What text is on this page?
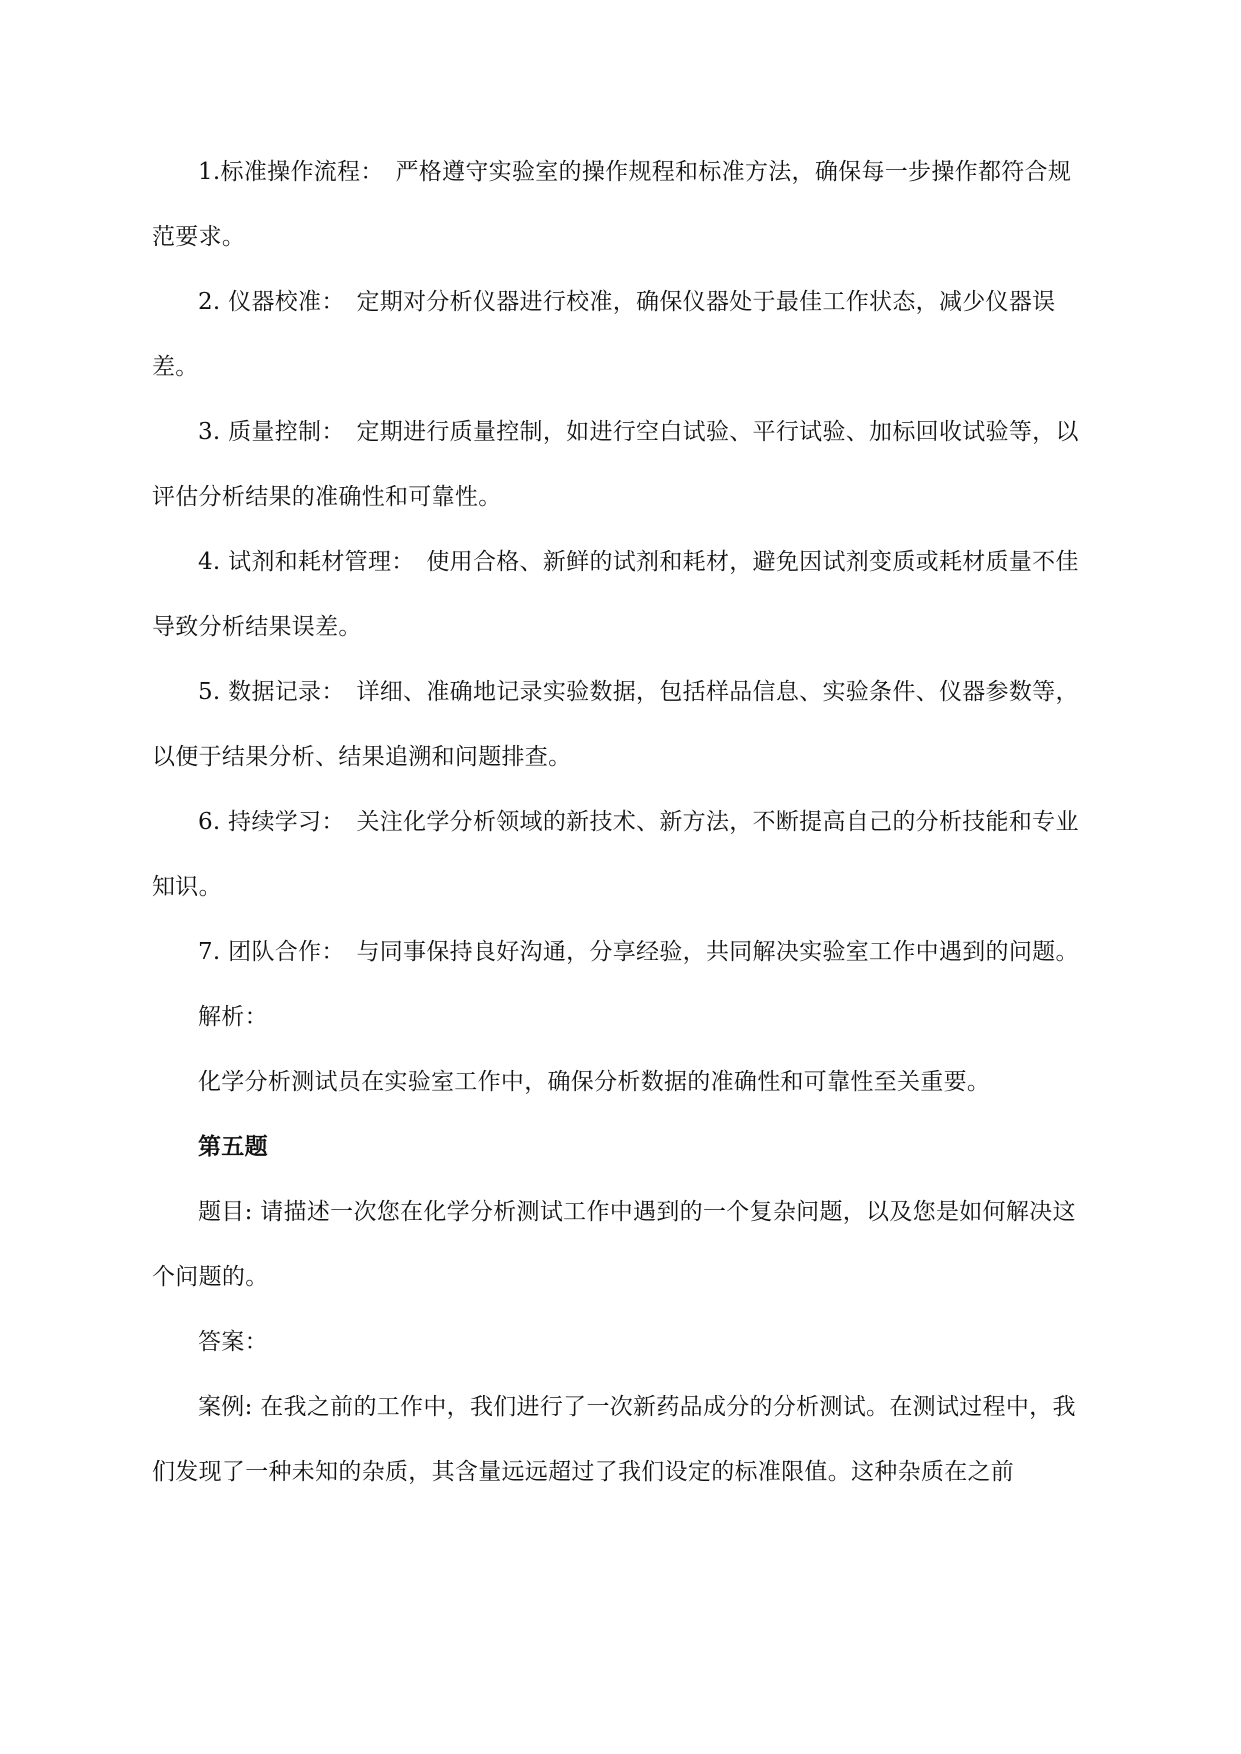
1.标准操作流程：　严格遵守实验室的操作规程和标准方法，确保每一步操作都符合规范要求。

2. 仪器校准：　定期对分析仪器进行校准，确保仪器处于最佳工作状态，减少仪器误差。

3. 质量控制：　定期进行质量控制，如进行空白试验、平行试验、加标回收试验等，以评估分析结果的准确性和可靠性。

4. 试剂和耗材管理：　使用合格、新鲜的试剂和耗材，避免因试剂变质或耗材质量不佳导致分析结果误差。

5. 数据记录：　详细、准确地记录实验数据，包括样品信息、实验条件、仪器参数等，以便于结果分析、结果追溯和问题排查。

6. 持续学习：　关注化学分析领域的新技术、新方法，不断提高自己的分析技能和专业知识。

7. 团队合作：　与同事保持良好沟通，分享经验，共同解决实验室工作中遇到的问题。

解析：

化学分析测试员在实验室工作中，确保分析数据的准确性和可靠性至关重要。

第五题

题目: 请描述一次您在化学分析测试工作中遇到的一个复杂问题，以及您是如何解决这个问题的。

答案：

案例: 在我之前的工作中，我们进行了一次新药品成分的分析测试。在测试过程中，我们发现了一种未知的杂质，其含量远远超过了我们设定的标准限值。这种杂质在之前
